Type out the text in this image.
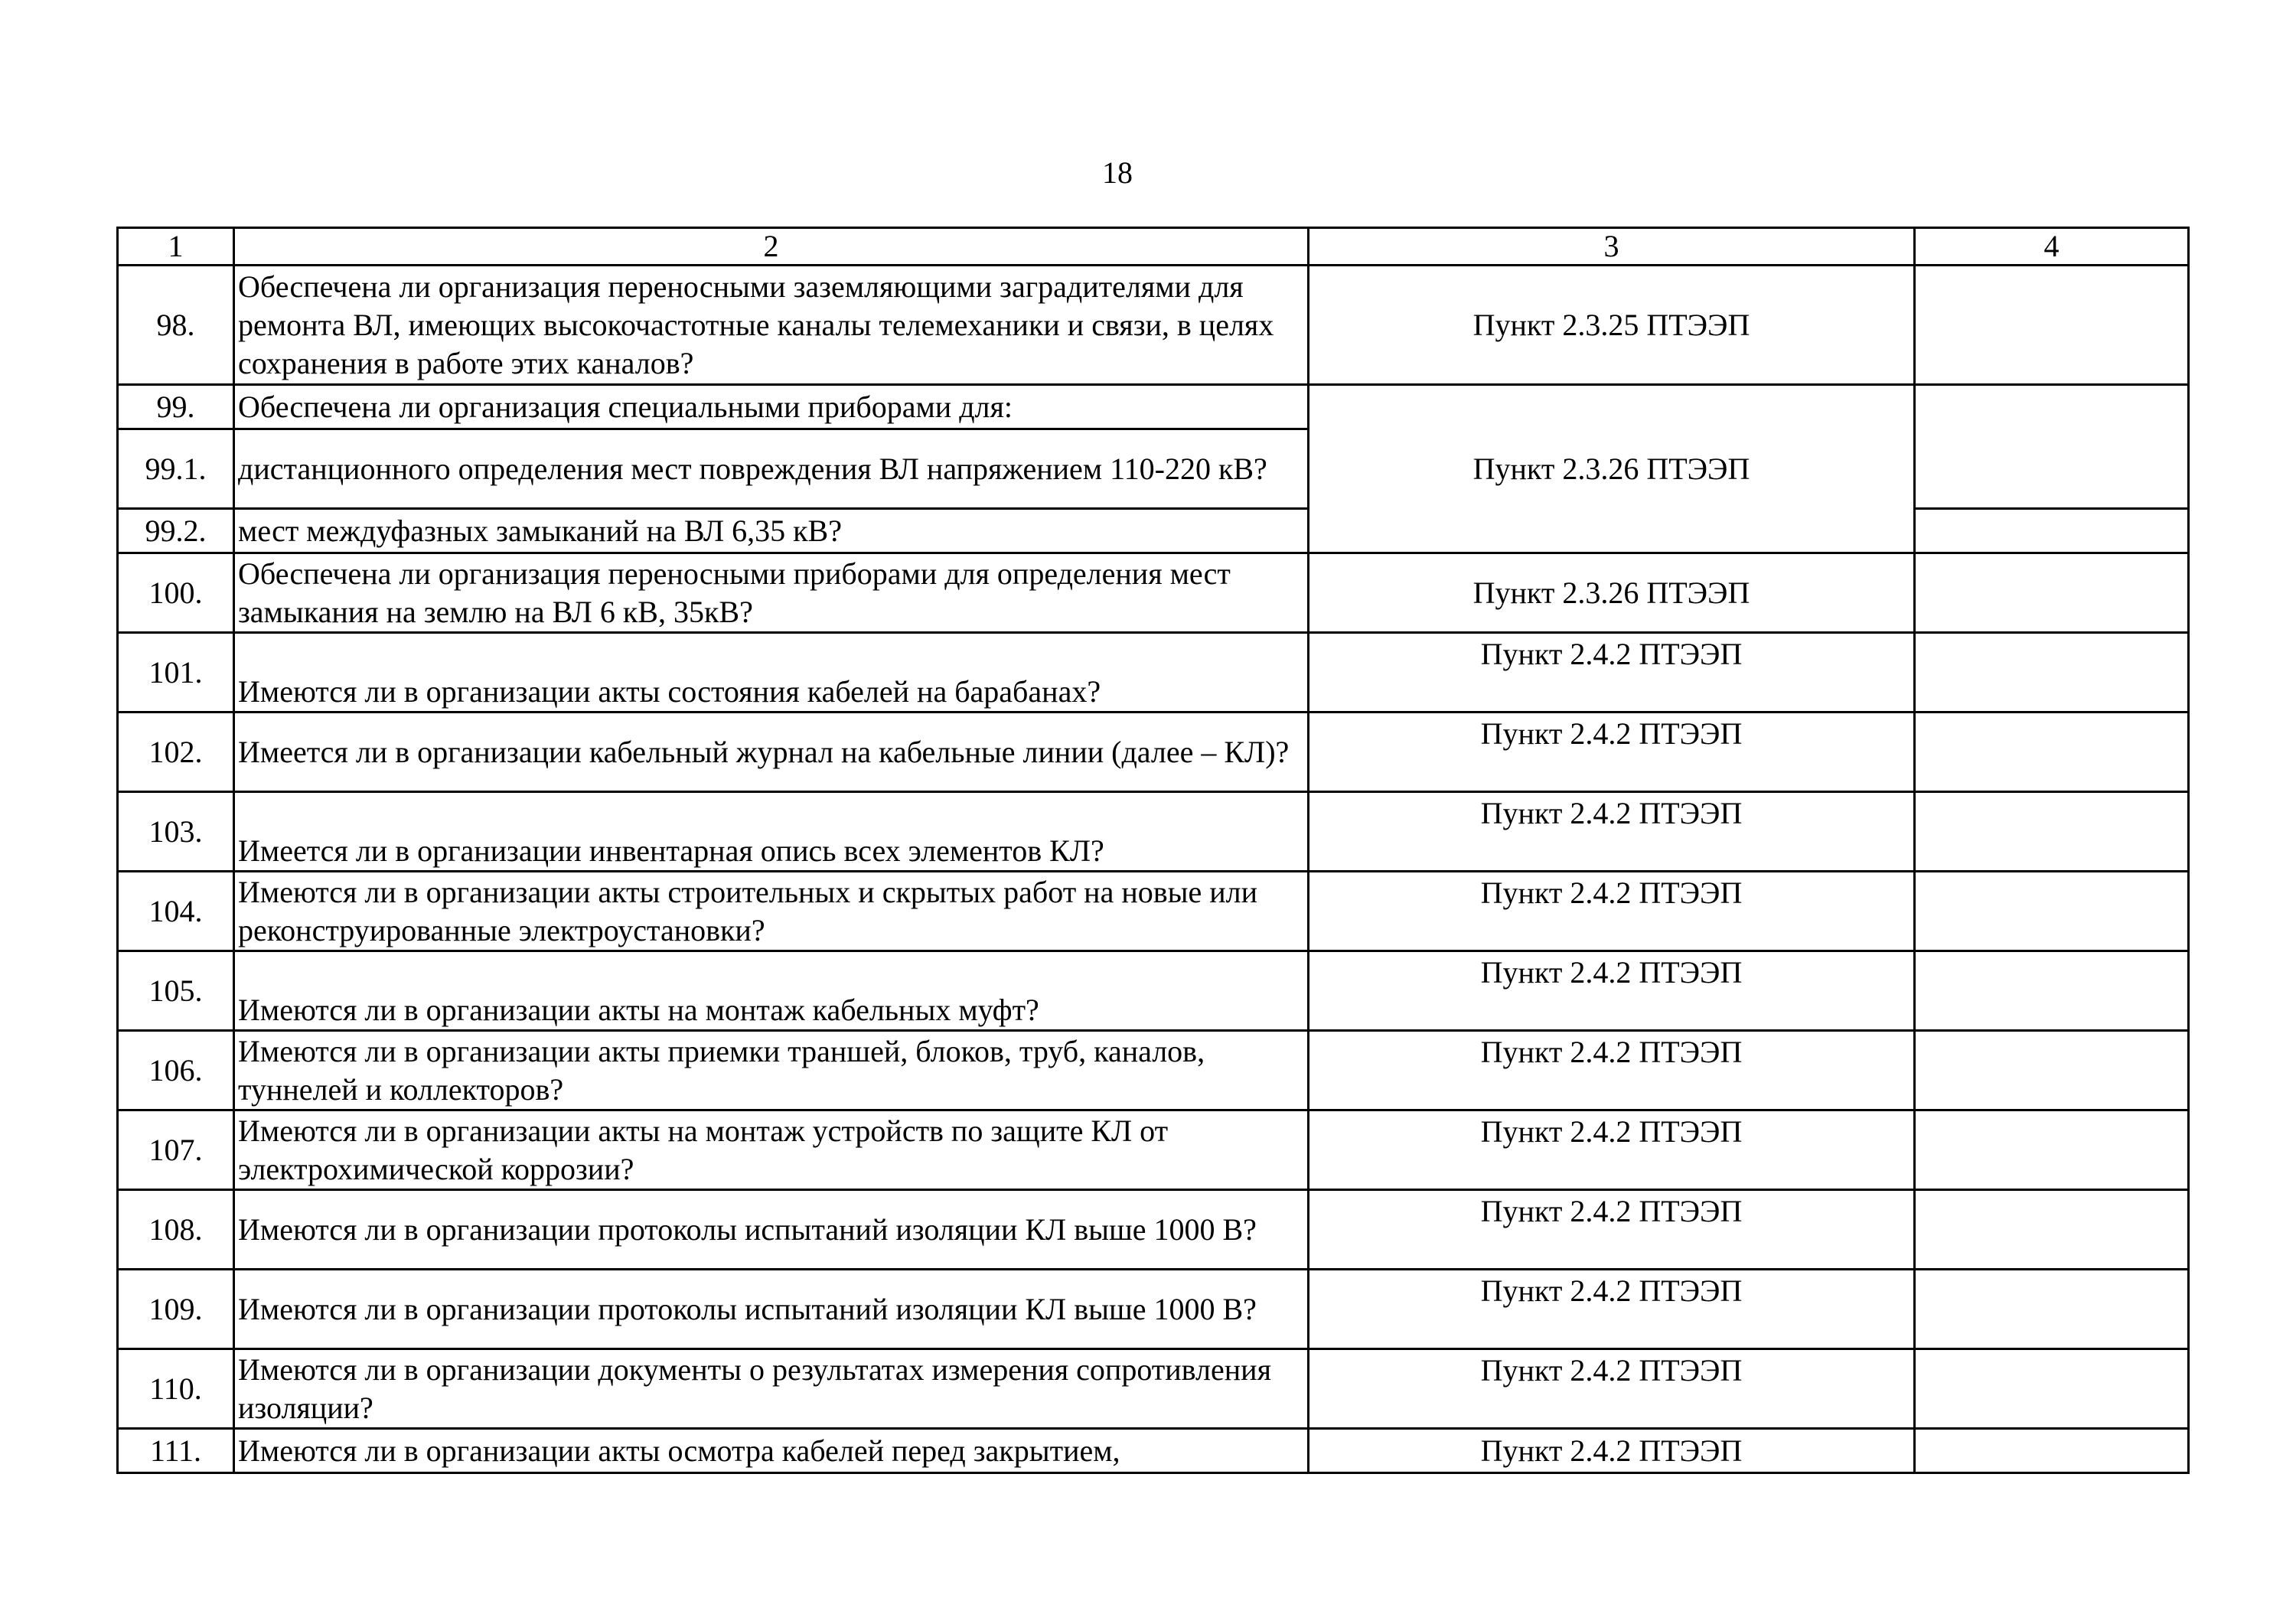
18
1	2	3	4
98.	Обеспечена ли организация переносными заземляющими заградителями для ремонта ВЛ, имеющих высокочастотные каналы телемеханики и связи, в целях сохранения в работе этих каналов?	Пункт 2.3.25 ПТЭЭП	
99.	Обеспечена ли организация специальными приборами для:	Пункт 2.3.26 ПТЭЭП	
99.1.	дистанционного определения мест повреждения ВЛ напряжением 110-220 кВ?		
99.2.	мест междуфазных замыканий на ВЛ 6,35 кВ?		
100.	Обеспечена ли организация переносными приборами для определения мест замыкания на землю на ВЛ 6 кВ, 35кВ?	Пункт 2.3.26 ПТЭЭП	
101.	Имеются ли в организации акты состояния кабелей на барабанах?	Пункт 2.4.2 ПТЭЭП	
102.	Имеется ли в организации кабельный журнал на кабельные линии (далее – КЛ)?	Пункт 2.4.2 ПТЭЭП	
103.	Имеется ли в организации инвентарная опись всех элементов КЛ?	Пункт 2.4.2 ПТЭЭП	
104.	Имеются ли в организации акты строительных и скрытых работ на новые или реконструированные электроустановки?	Пункт 2.4.2 ПТЭЭП	
105.	Имеются ли в организации акты на монтаж кабельных муфт?	Пункт 2.4.2 ПТЭЭП	
106.	Имеются ли в организации акты приемки траншей, блоков, труб, каналов, туннелей и коллекторов?	Пункт 2.4.2 ПТЭЭП	
107.	Имеются ли в организации акты на монтаж устройств по защите КЛ от электрохимической коррозии?	Пункт 2.4.2 ПТЭЭП	
108.	Имеются ли в организации протоколы испытаний изоляции КЛ выше 1000 В?	Пункт 2.4.2 ПТЭЭП	
109.	Имеются ли в организации протоколы испытаний изоляции КЛ выше 1000 В?	Пункт 2.4.2 ПТЭЭП	
110.	Имеются ли в организации документы о результатах измерения сопротивления изоляции?	Пункт 2.4.2 ПТЭЭП	
111.	Имеются ли в организации акты осмотра кабелей перед закрытием,	Пункт 2.4.2 ПТЭЭП	
